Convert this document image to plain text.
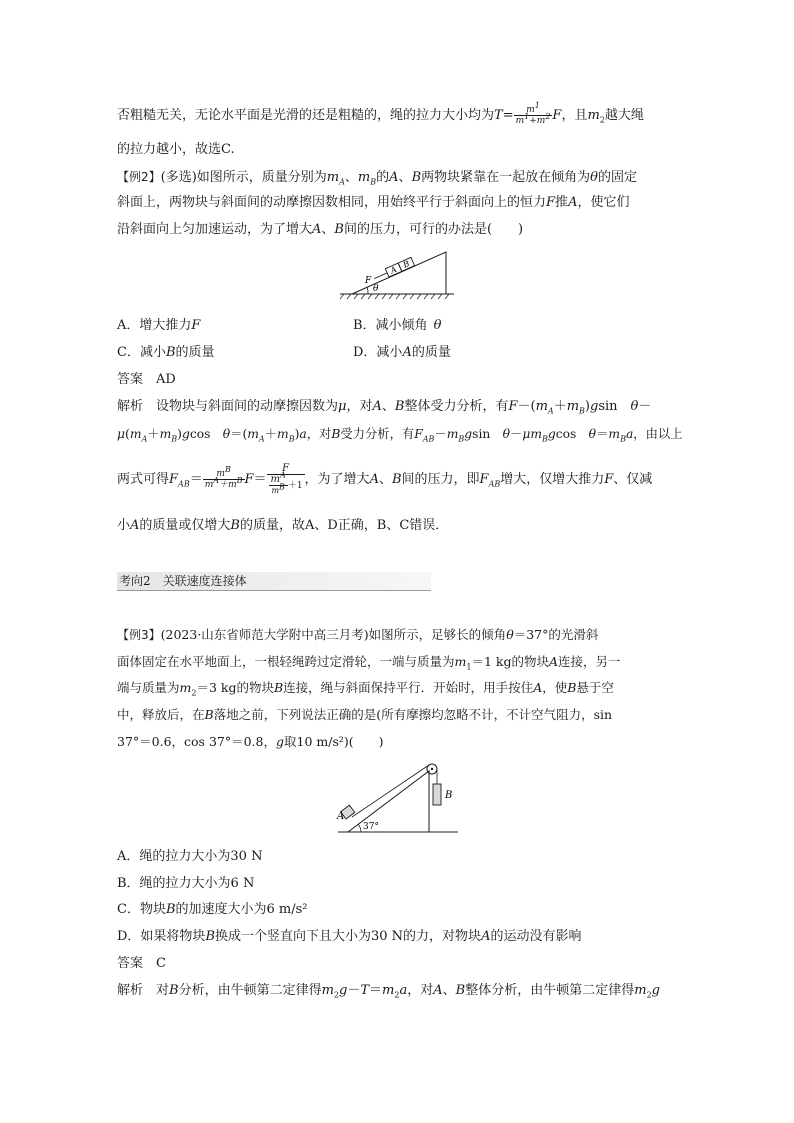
否粗糙无关，无论水平面是光滑的还是粗糙的，绳的拉力大小均为$T= \frac{m^1}{m^1+m^2}$ F，且$m_2$越大绳
的拉力越小，故选C.
【例2】(多选)如图所示，质量分别为$m_A$、$m_B$的A、B两物块紧靠在一起放在倾角为θ的固定
斜面上，两物块与斜面间的动摩擦因数相同，用始终平行于斜面向上的恒力F推A，使它们
沿斜面向上匀加速运动，为了增大A、B间的压力，可行的办法是(　　)
θ
A
B
F
A．增大推力F	B．减小倾角 θ
C．减小B的质量	D．减小A的质量
答案　AD
解析　设物块与斜面间的动摩擦因数为μ，对A、B整体受力分析，有$F-(m_A+m_B)gsin$　θ－
$\mu(m_A+m_B)gcos$　$\theta=(m_A+m_B)a$，对B受力分析，有$F_{AB}-m_Bgsin$　$\theta-\mu m_Bgcos$　$\theta=m_Ba$，由以上
两式可得$F_{AB}= \frac{m^B}{m^A+m^B} F= \frac{F}{\frac{m^A}{m^B} +1}$ ，为了增大A、B间的压力，即$F_{AB}$增大，仅增大推力F、仅减
小A的质量或仅增大B的质量，故A、D正确，B、C错误．
考向2　关联速度连接体
【例3】(2023·山东省师范大学附中高三月考)如图所示，足够长的倾角θ＝37°的光滑斜
面体固定在水平地面上，一根轻绳跨过定滑轮，一端与质量为$m_1=1$ kg的物块A连接，另一
端与质量为$m_2=3$ kg的物块B连接，绳与斜面保持平行．开始时，用手按住A，使B悬于空
中，释放后，在B落地之前，下列说法正确的是(所有摩擦均忽略不计，不计空气阻力，sin
37°＝0.6，cos 37°＝0.8，g取10 m/s²)(　　)
A
B
37°
A．绳的拉力大小为30 N
B．绳的拉力大小为6 N
C．物块B的加速度大小为6 m/s²
D．如果将物块B换成一个竖直向下且大小为30 N的力，对物块A的运动没有影响
答案　C
解析　对B分析，由牛顿第二定律得$m_2g-T=m_2a$，对A、B整体分析，由牛顿第二定律得$m_2g$
